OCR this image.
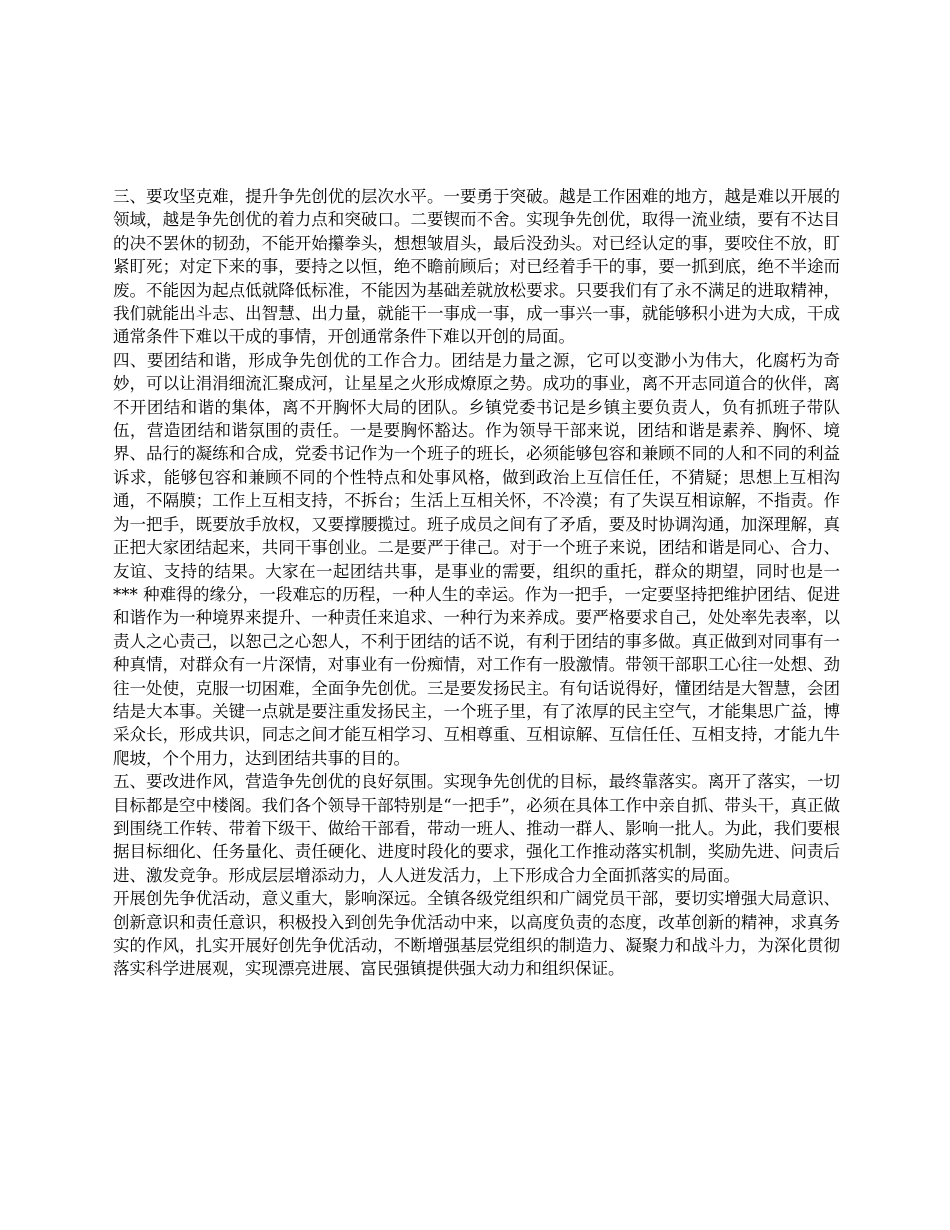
三、要攻坚克难，提升争先创优的层次水平。一要勇于突破。越是工作困难的地方，越是难以开展的领域，越是争先创优的着力点和突破口。二要锲而不舍。实现争先创优，取得一流业绩，要有不达目的决不罢休的韧劲，不能开始攥拳头，想想皱眉头，最后没劲头。对已经认定的事，要咬住不放，盯紧盯死；对定下来的事，要持之以恒，绝不瞻前顾后；对已经着手干的事，要一抓到底，绝不半途而废。不能因为起点低就降低标准，不能因为基础差就放松要求。只要我们有了永不满足的进取精神，我们就能出斗志、出智慧、出力量，就能干一事成一事，成一事兴一事，就能够积小进为大成，干成通常条件下难以干成的事情，开创通常条件下难以开创的局面。

四、要团结和谐，形成争先创优的工作合力。团结是力量之源，它可以变渺小为伟大，化腐朽为奇妙，可以让涓涓细流汇聚成河，让星星之火形成燎原之势。成功的事业，离不开志同道合的伙伴，离不开团结和谐的集体，离不开胸怀大局的团队。乡镇党委书记是乡镇主要负责人，负有抓班子带队伍，营造团结和谐氛围的责任。一是要胸怀豁达。作为领导干部来说，团结和谐是素养、胸怀、境界、品行的凝练和合成，党委书记作为一个班子的班长，必须能够包容和兼顾不同的人和不同的利益诉求，能够包容和兼顾不同的个性特点和处事风格，做到政治上互信任任，不猜疑；思想上互相沟通，不隔膜；工作上互相支持，不拆台；生活上互相关怀，不冷漠；有了失误互相谅解，不指责。作为一把手，既要放手放权，又要撑腰揽过。班子成员之间有了矛盾，要及时协调沟通，加深理解，真正把大家团结起来，共同干事创业。二是要严于律己。对于一个班子来说，团结和谐是同心、合力、友谊、支持的结果。大家在一起团结共事，是事业的需要，组织的重托，群众的期望，同时也是一*** 种难得的缘分，一段难忘的历程，一种人生的幸运。作为一把手，一定要坚持把维护团结、促进和谐作为一种境界来提升、一种责任来追求、一种行为来养成。要严格要求自己，处处率先表率，以责人之心责己，以恕己之心恕人，不利于团结的话不说，有利于团结的事多做。真正做到对同事有一种真情，对群众有一片深情，对事业有一份痴情，对工作有一股激情。带领干部职工心往一处想、劲往一处使，克服一切困难，全面争先创优。三是要发扬民主。有句话说得好，懂团结是大智慧，会团结是大本事。关键一点就是要注重发扬民主，一个班子里，有了浓厚的民主空气，才能集思广益，博采众长，形成共识，同志之间才能互相学习、互相尊重、互相谅解、互信任任、互相支持，才能九牛爬坡，个个用力，达到团结共事的目的。

五、要改进作风，营造争先创优的良好氛围。实现争先创优的目标，最终靠落实。离开了落实，一切目标都是空中楼阁。我们各个领导干部特别是“一把手”，必须在具体工作中亲自抓、带头干，真正做到围绕工作转、带着下级干、做给干部看，带动一班人、推动一群人、影响一批人。为此，我们要根据目标细化、任务量化、责任硬化、进度时段化的要求，强化工作推动落实机制，奖励先进、问责后进、激发竞争。形成层层增添动力，人人迸发活力，上下形成合力全面抓落实的局面。

开展创先争优活动，意义重大，影响深远。全镇各级党组织和广阔党员干部，要切实增强大局意识、创新意识和责任意识，积极投入到创先争优活动中来，以高度负责的态度，改革创新的精神，求真务实的作风，扎实开展好创先争优活动，不断增强基层党组织的制造力、凝聚力和战斗力，为深化贯彻落实科学进展观，实现漂亮进展、富民强镇提供强大动力和组织保证。
